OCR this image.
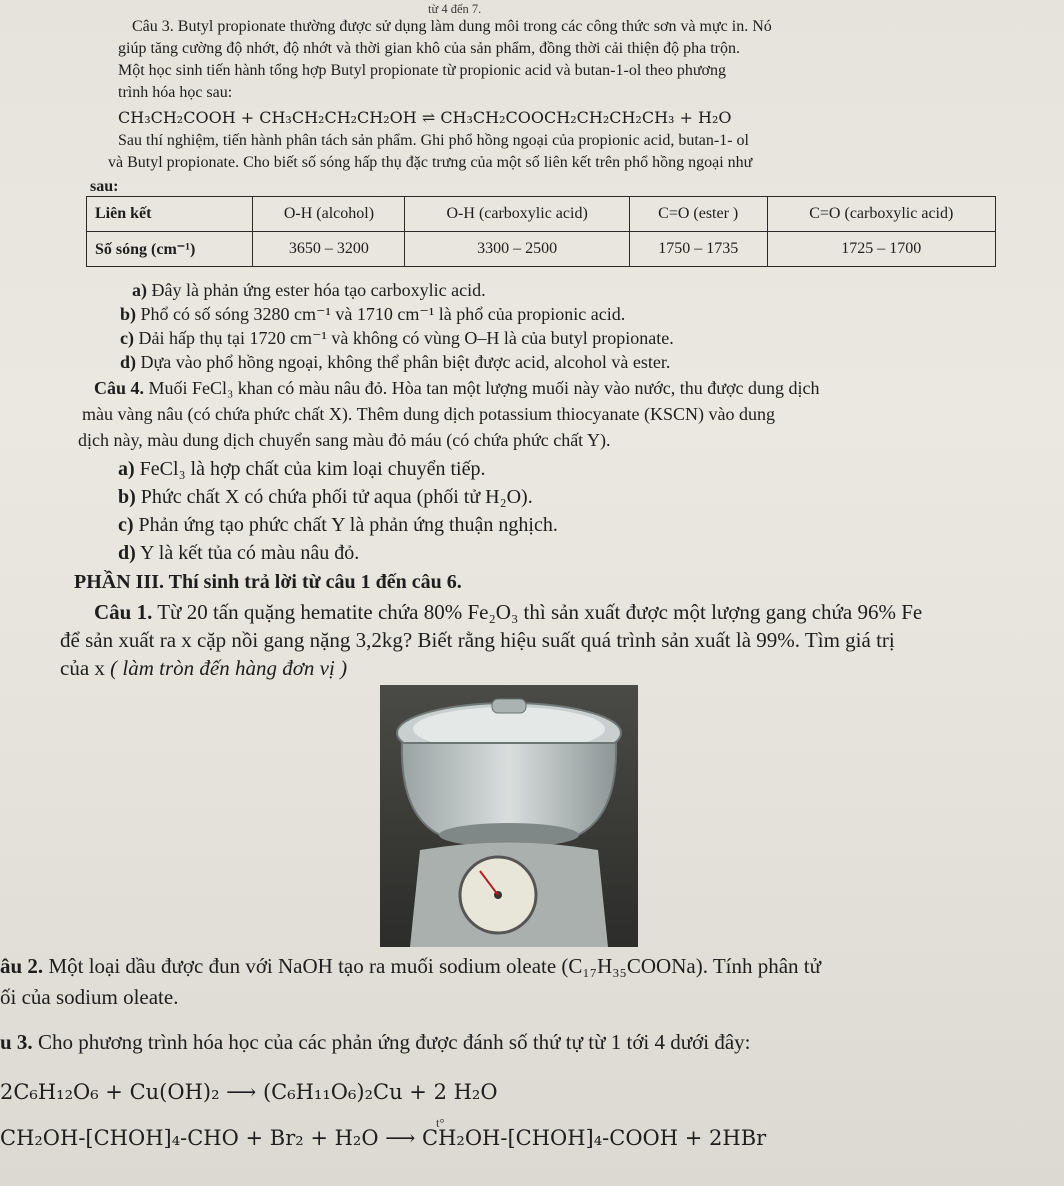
từ 4 đến 7.
Câu 3. Butyl propionate thường được sử dụng làm dung môi trong các công thức sơn và mực in. Nó
giúp tăng cường độ nhớt, độ nhớt và thời gian khô của sản phẩm, đồng thời cải thiện độ pha trộn.
Một học sinh tiến hành tổng hợp Butyl propionate từ propionic acid và butan-1-ol theo phương
trình hóa học sau:
CH₃CH₂COOH + CH₃CH₂CH₂CH₂OH ⇌ CH₃CH₂COOCH₂CH₂CH₂CH₃ + H₂O
Sau thí nghiệm, tiến hành phân tách sản phẩm. Ghi phổ hồng ngoại của propionic acid, butan-1- ol
và Butyl propionate. Cho biết số sóng hấp thụ đặc trưng của một số liên kết trên phổ hồng ngoại như
sau:
Liên kết	O-H (alcohol)	O-H (carboxylic acid)	C=O (ester )	C=O (carboxylic acid)
Số sóng (cm⁻¹)	3650 – 3200	3300 – 2500	1750 – 1735	1725 – 1700
a) Đây là phản ứng ester hóa tạo carboxylic acid.
b) Phổ có số sóng 3280 cm⁻¹ và 1710 cm⁻¹ là phổ của propionic acid.
c) Dải hấp thụ tại 1720 cm⁻¹ và không có vùng O–H là của butyl propionate.
d) Dựa vào phổ hồng ngoại, không thể phân biệt được acid, alcohol và ester.
Câu 4. Muối FeCl₃ khan có màu nâu đỏ. Hòa tan một lượng muối này vào nước, thu được dung dịch
màu vàng nâu (có chứa phức chất X). Thêm dung dịch potassium thiocyanate (KSCN) vào dung
dịch này, màu dung dịch chuyển sang màu đỏ máu (có chứa phức chất Y).
a) FeCl₃ là hợp chất của kim loại chuyển tiếp.
b) Phức chất X có chứa phối tử aqua (phối tử H₂O).
c) Phản ứng tạo phức chất Y là phản ứng thuận nghịch.
d) Y là kết tủa có màu nâu đỏ.
PHẦN III. Thí sinh trả lời từ câu 1 đến câu 6.
Câu 1. Từ 20 tấn quặng hematite chứa 80% Fe₂O₃ thì sản xuất được một lượng gang chứa 96% Fe
để sản xuất ra x cặp nồi gang nặng 3,2kg? Biết rằng hiệu suất quá trình sản xuất là 99%. Tìm giá trị
của x ( làm tròn đến hàng đơn vị )
âu 2. Một loại dầu được đun với NaOH tạo ra muối sodium oleate (C₁₇H₃₅COONa). Tính phân tử
ối của sodium oleate.
u 3. Cho phương trình hóa học của các phản ứng được đánh số thứ tự từ 1 tới 4 dưới đây:
2C₆H₁₂O₆ + Cu(OH)₂ ⟶ (C₆H₁₁O₆)₂Cu + 2 H₂O
CH₂OH-[CHOH]₄-CHO + Br₂ + H₂O ⟶ CH₂OH-[CHOH]₄-COOH + 2HBr
t°
